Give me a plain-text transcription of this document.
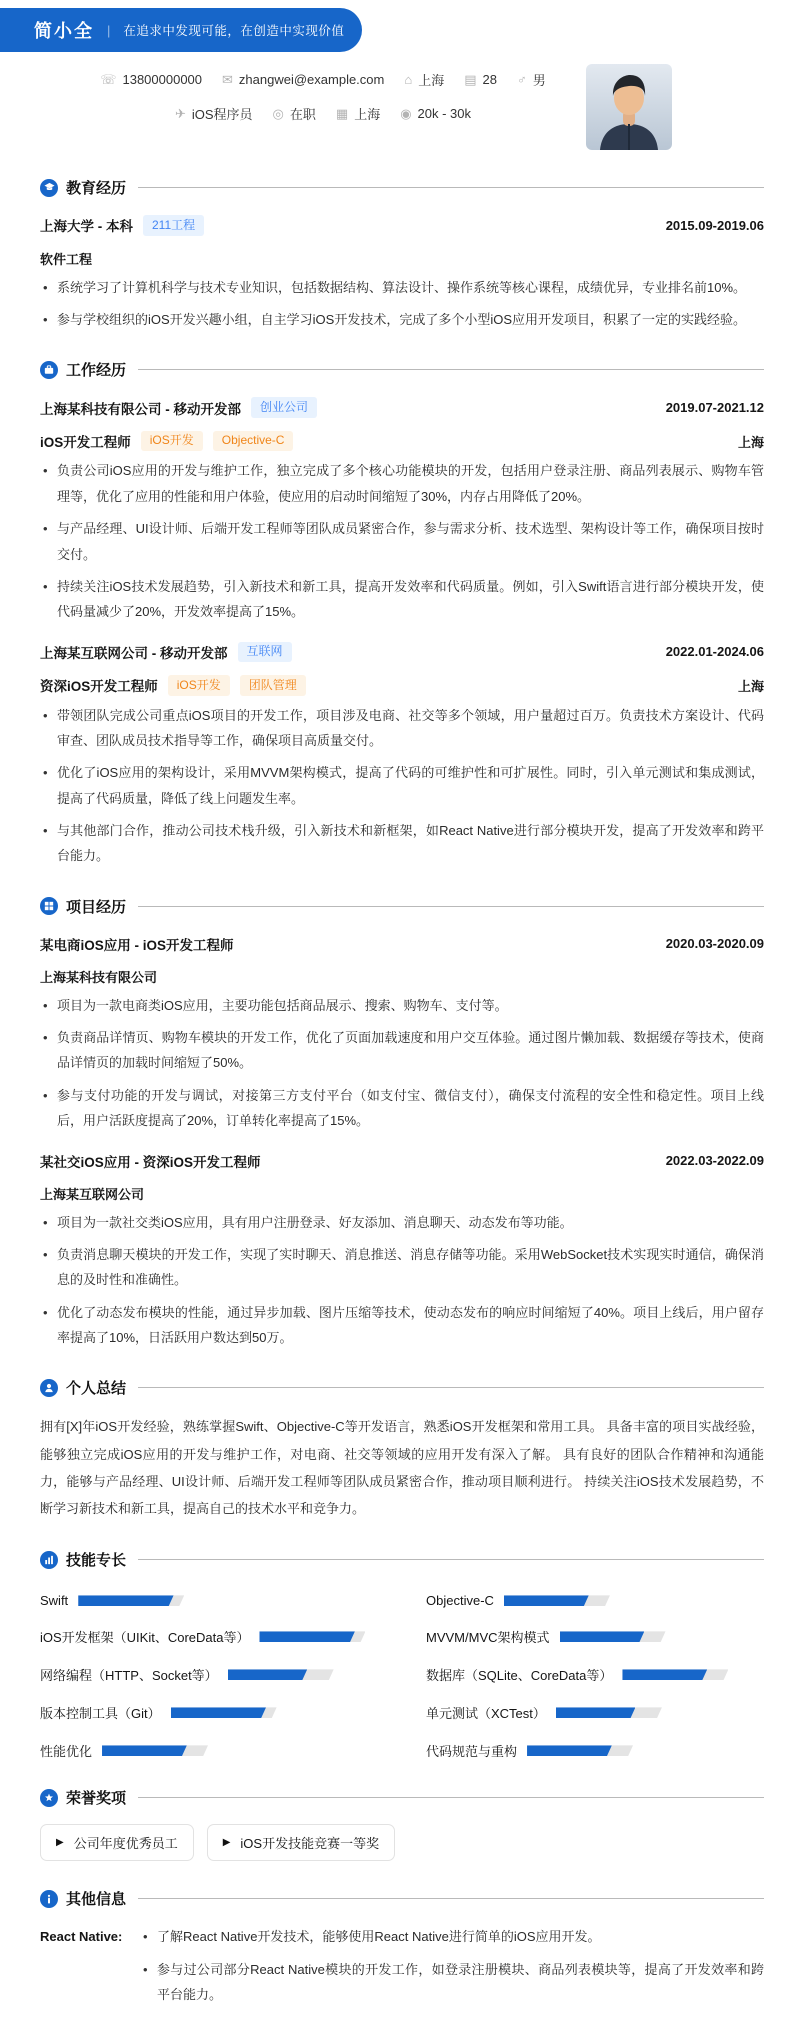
简小全 | 在追求中发现可能，在创造中实现价值
☏ 13800000000 ✉ zhangwei@example.com ⌂ 上海 ▤ 28 ♂ 男
✈ iOS程序员 ◎ 在职 ▦ 上海 ◉ 20k - 30k
教育经历
上海大学 - 本科	211工程	2015.09-2019.06
软件工程
• 系统学习了计算机科学与技术专业知识，包括数据结构、算法设计、操作系统等核心课程，成绩优异，专业排名前10%。
• 参与学校组织的iOS开发兴趣小组，自主学习iOS开发技术，完成了多个小型iOS应用开发项目，积累了一定的实践经验。
工作经历
上海某科技有限公司 - 移动开发部	创业公司	2019.07-2021.12
iOS开发工程师	iOS开发	Objective-C	上海
• 负责公司iOS应用的开发与维护工作，独立完成了多个核心功能模块的开发，包括用户登录注册、商品列表展示、购物车管理等，优化了应用的性能和用户体验，使应用的启动时间缩短了30%，内存占用降低了20%。
• 与产品经理、UI设计师、后端开发工程师等团队成员紧密合作，参与需求分析、技术选型、架构设计等工作，确保项目按时交付。
• 持续关注iOS技术发展趋势，引入新技术和新工具，提高开发效率和代码质量。例如，引入Swift语言进行部分模块开发，使代码量减少了20%，开发效率提高了15%。
上海某互联网公司 - 移动开发部	互联网	2022.01-2024.06
资深iOS开发工程师	iOS开发	团队管理	上海
• 带领团队完成公司重点iOS项目的开发工作，项目涉及电商、社交等多个领域，用户量超过百万。负责技术方案设计、代码审查、团队成员技术指导等工作，确保项目高质量交付。
• 优化了iOS应用的架构设计，采用MVVM架构模式，提高了代码的可维护性和可扩展性。同时，引入单元测试和集成测试，提高了代码质量，降低了线上问题发生率。
• 与其他部门合作，推动公司技术栈升级，引入新技术和新框架，如React Native进行部分模块开发，提高了开发效率和跨平台能力。
项目经历
某电商iOS应用 - iOS开发工程师	2020.03-2020.09
上海某科技有限公司
• 项目为一款电商类iOS应用，主要功能包括商品展示、搜索、购物车、支付等。
• 负责商品详情页、购物车模块的开发工作，优化了页面加载速度和用户交互体验。通过图片懒加载、数据缓存等技术，使商品详情页的加载时间缩短了50%。
• 参与支付功能的开发与调试，对接第三方支付平台（如支付宝、微信支付），确保支付流程的安全性和稳定性。项目上线后，用户活跃度提高了20%，订单转化率提高了15%。
某社交iOS应用 - 资深iOS开发工程师	2022.03-2022.09
上海某互联网公司
• 项目为一款社交类iOS应用，具有用户注册登录、好友添加、消息聊天、动态发布等功能。
• 负责消息聊天模块的开发工作，实现了实时聊天、消息推送、消息存储等功能。采用WebSocket技术实现实时通信，确保消息的及时性和准确性。
• 优化了动态发布模块的性能，通过异步加载、图片压缩等技术，使动态发布的响应时间缩短了40%。项目上线后，用户留存率提高了10%，日活跃用户数达到50万。
个人总结

拥有[X]年iOS开发经验，熟练掌握Swift、Objective-C等开发语言，熟悉iOS开发框架和常用工具。 具备丰富的项目实战经验，能够独立完成iOS应用的开发与维护工作，对电商、社交等领域的应用开发有深入了解。 具有良好的团队合作精神和沟通能力，能够与产品经理、UI设计师、后端开发工程师等团队成员紧密合作，推动项目顺利进行。 持续关注iOS技术发展趋势，不断学习新技术和新工具，提高自己的技术水平和竞争力。

技能专长
Swift	Objective-C
iOS开发框架（UIKit、CoreData等）	MVVM/MVC架构模式
网络编程（HTTP、Socket等）	数据库（SQLite、CoreData等）
版本控制工具（Git）	单元测试（XCTest）
性能优化	代码规范与重构
荣誉奖项
▶ 公司年度优秀员工	▶ iOS开发技能竞赛一等奖
其他信息
React Native:	• 了解React Native开发技术，能够使用React Native进行简单的iOS应用开发。
• 参与过公司部分React Native模块的开发工作，如登录注册模块、商品列表模块等，提高了开发效率和跨平台能力。
